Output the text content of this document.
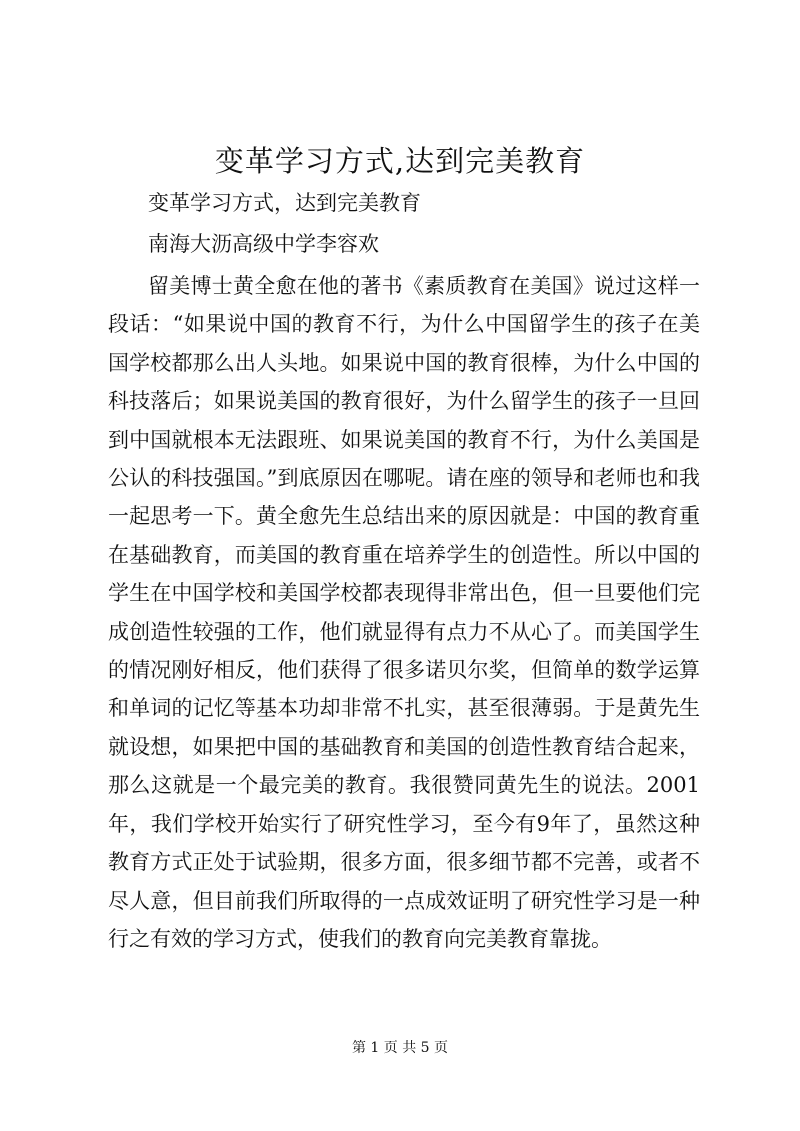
变革学习方式,达到完美教育
变革学习方式，达到完美教育
南海大沥高级中学李容欢

留美博士黄全愈在他的著书《素质教育在美国》说过这样一段话：“如果说中国的教育不行，为什么中国留学生的孩子在美国学校都那么出人头地。如果说中国的教育很棒，为什么中国的科技落后；如果说美国的教育很好，为什么留学生的孩子一旦回到中国就根本无法跟班、如果说美国的教育不行，为什么美国是公认的科技强国。”到底原因在哪呢。请在座的领导和老师也和我一起思考一下。黄全愈先生总结出来的原因就是：中国的教育重在基础教育，而美国的教育重在培养学生的创造性。所以中国的学生在中国学校和美国学校都表现得非常出色，但一旦要他们完成创造性较强的工作，他们就显得有点力不从心了。而美国学生的情况刚好相反，他们获得了很多诺贝尔奖，但简单的数学运算和单词的记忆等基本功却非常不扎实，甚至很薄弱。于是黄先生就设想，如果把中国的基础教育和美国的创造性教育结合起来，那么这就是一个最完美的教育。我很赞同黄先生的说法。2001年，我们学校开始实行了研究性学习，至今有9年了，虽然这种教育方式正处于试验期，很多方面，很多细节都不完善，或者不尽人意，但目前我们所取得的一点成效证明了研究性学习是一种行之有效的学习方式，使我们的教育向完美教育靠拢。

第 1 页 共 5 页
